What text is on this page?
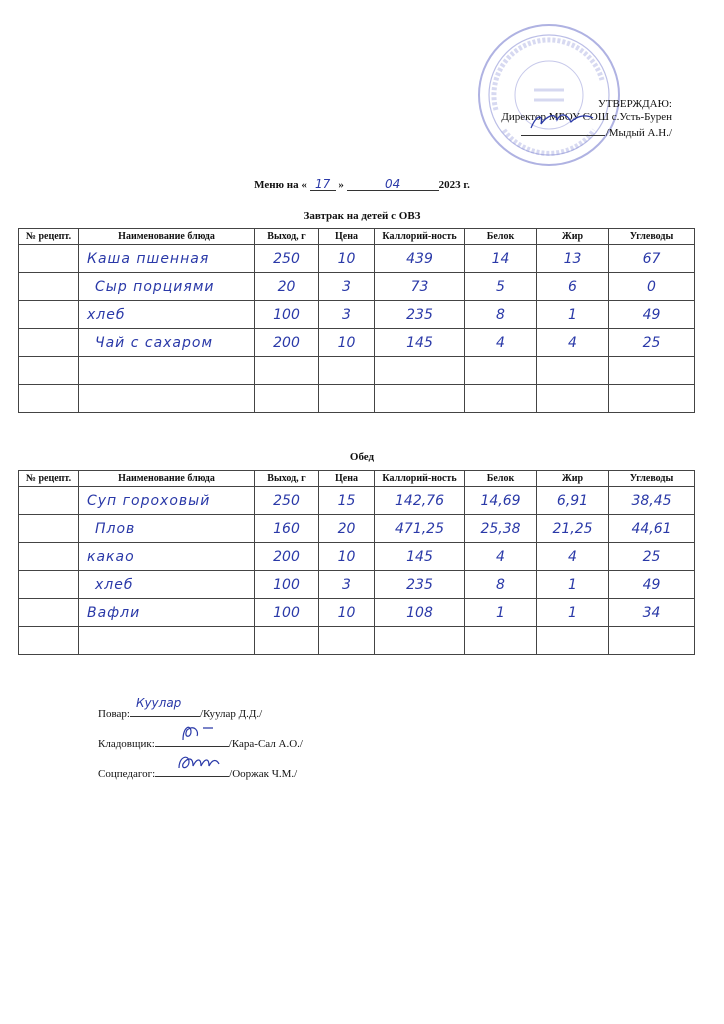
УТВЕРЖДАЮ:
Директор МБОУ СОШ с.Усть-Бурен
/Мыдый А.Н./
Меню на « 17 »	04	2023 г.
Завтрак на детей с ОВЗ
№ рецепт.	Наименование блюда	Выход, г	Цена	Каллорий-ность	Белок	Жир	Углеводы
	Каша пшенная	250	10	439	14	13	67
	Сыр порциями	20	3	73	5	6	0
	хлеб	100	3	235	8	1	49
	Чай с сахаром	200	10	145	4	4	25

Обед
№ рецепт.	Наименование блюда	Выход, г	Цена	Каллорий-ность	Белок	Жир	Углеводы
	Суп гороховый	250	15	142,76	14,69	6,91	38,45
	Плов	160	20	471,25	25,38	21,25	44,61
	какао	200	10	145	4	4	25
	хлеб	100	3	235	8	1	49
	Вафли	100	10	108	1	1	34

Повар:
Куулар
/Куулар Д.Д./
Кладовщик:	/Кара-Сал А.О./
Соцпедагог:	/Ооржак Ч.М./
